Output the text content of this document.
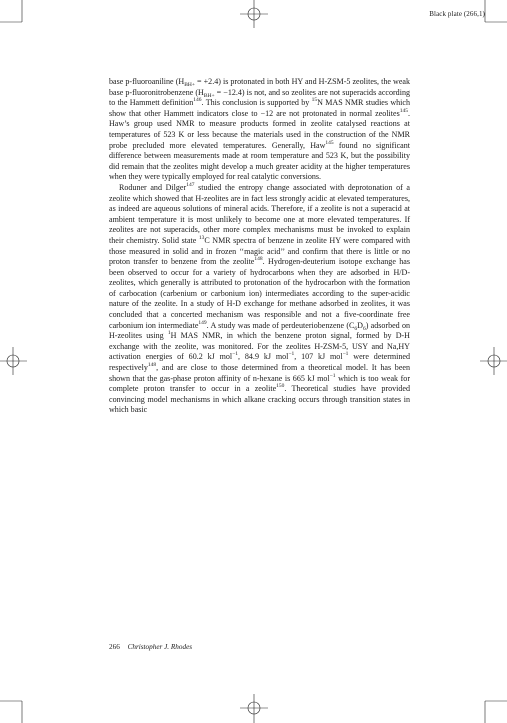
Black plate (266,1)

base p-fluoroaniline $(H_{BH+} = +2.4)$ is protonated in both HY and H-ZSM-5 zeolites, the weak base p-fluoronitrobenzene $(H_{BH+} = -12.4)$ is not, and so zeolites are not superacids according to the Hammett definition$^{146}$. This conclusion is supported by $^{15}$N MAS NMR studies which show that other Hammett indicators close to −12 are not protonated in normal zeolites$^{145}$. Haw’s group used NMR to measure products formed in zeolite catalysed reactions at temperatures of 523 K or less because the materials used in the construction of the NMR probe precluded more elevated temperatures. Generally, Haw$^{145}$ found no significant difference between measurements made at room temperature and 523 K, but the possibility did remain that the zeolites might develop a much greater acidity at the higher temperatures when they were typically employed for real catalytic conversions.

Roduner and Dilger$^{147}$ studied the entropy change associated with deprotonation of a zeolite which showed that H-zeolites are in fact less strongly acidic at elevated temperatures, as indeed are aqueous solutions of mineral acids. Therefore, if a zeolite is not a superacid at ambient temperature it is most unlikely to become one at more elevated temperatures. If zeolites are not superacids, other more complex mechanisms must be invoked to explain their chemistry. Solid state $^{13}$C NMR spectra of benzene in zeolite HY were compared with those measured in solid and in frozen ‘‘magic acid’’ and confirm that there is little or no proton transfer to benzene from the zeolite$^{148}$. Hydrogen-deuterium isotope exchange has been observed to occur for a variety of hydrocarbons when they are adsorbed in H/D-zeolites, which generally is attributed to protonation of the hydrocarbon with the formation of carbocation (carbenium or carbonium ion) intermediates according to the super-acidic nature of the zeolite. In a study of H-D exchange for methane adsorbed in zeolites, it was concluded that a concerted mechanism was responsible and not a five-coordinate free carbonium ion intermediate$^{149}$. A study was made of perdeuteriobenzene $(C_6D_6)$ adsorbed on H-zeolites using $^1$H MAS NMR, in which the benzene proton signal, formed by D-H exchange with the zeolite, was monitored. For the zeolites H-ZSM-5, USY and Na,HY activation energies of 60.2 kJ mol$^{-1}$, 84.9 kJ mol$^{-1}$, 107 kJ mol$^{-1}$ were determined respectively$^{148}$, and are close to those determined from a theoretical model. It has been shown that the gas-phase proton affinity of n-hexane is 665 kJ mol$^{-1}$ which is too weak for complete proton transfer to occur in a zeolite$^{150}$. Theoretical studies have provided convincing model mechanisms in which alkane cracking occurs through transition states in which basic

266 Christopher J. Rhodes
